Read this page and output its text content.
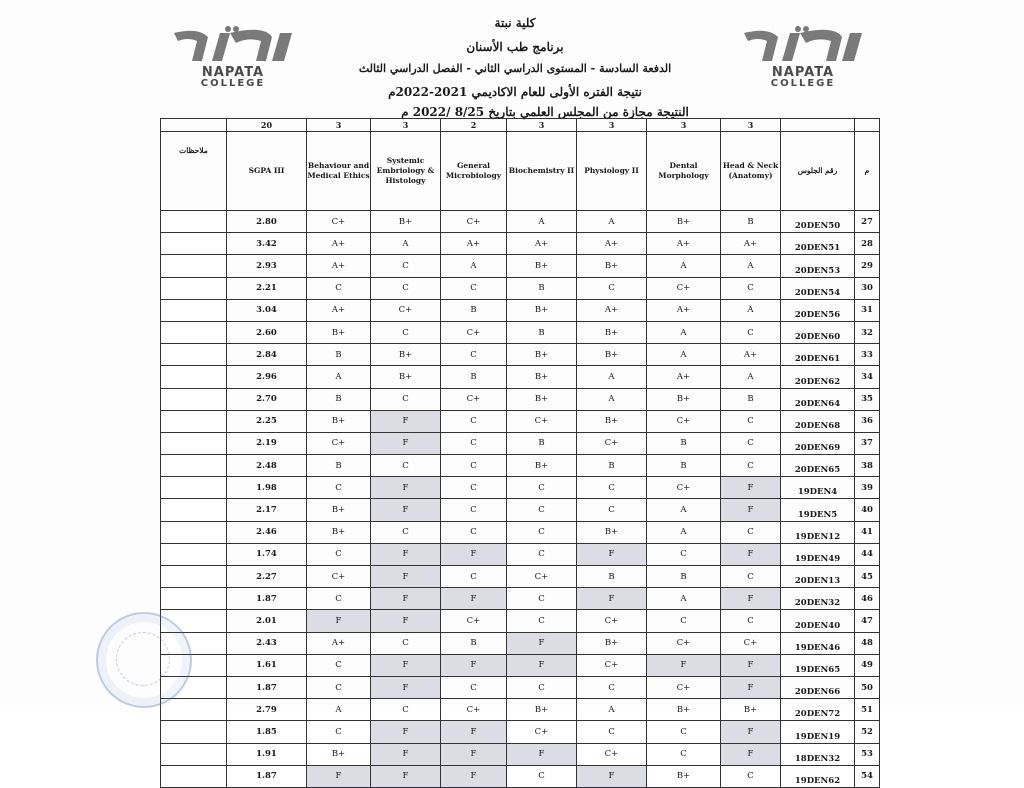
NAPATA
COLLEGE
NAPATA
COLLEGE
كلية نبتة
برنامج طب الأسنان
الدفعة السادسة - المستوى الدراسي الثاني - الفصل الدراسي الثالث
نتيجة الفتره الأولى للعام الاكاديمي 2021-2022م
النتيجة مجازة من المجلس العلمي بتاريخ 8/25 /2022 م
	20	3	3	2	3	3	3	3		
ملاحظات	SGPA III	Behaviour and Medical Ethics	Systemic Embriology & Histology	General Microbiology	Biochemistry II	Physiology II	Dental Morphology	Head & Neck (Anatomy)	رقم الجلوس	م
	2.80	C+	B+	C+	A	A	B+	B	20DEN50	27
	3.42	A+	A	A+	A+	A+	A+	A+	20DEN51	28
	2.93	A+	C	A	B+	B+	A	A	20DEN53	29
	2.21	C	C	C	B	C	C+	C	20DEN54	30
	3.04	A+	C+	B	B+	A+	A+	A	20DEN56	31
	2.60	B+	C	C+	B	B+	A	C	20DEN60	32
	2.84	B	B+	C	B+	B+	A	A+	20DEN61	33
	2.96	A	B+	B	B+	A	A+	A	20DEN62	34
	2.70	B	C	C+	B+	A	B+	B	20DEN64	35
	2.25	B+	F	C	C+	B+	C+	C	20DEN68	36
	2.19	C+	F	C	B	C+	B	C	20DEN69	37
	2.48	B	C	C	B+	B	B	C	20DEN65	38
	1.98	C	F	C	C	C	C+	F	19DEN4	39
	2.17	B+	F	C	C	C	A	F	19DEN5	40
	2.46	B+	C	C	C	B+	A	C	19DEN12	41
	1.74	C	F	F	C	F	C	F	19DEN49	44
	2.27	C+	F	C	C+	B	B	C	20DEN13	45
	1.87	C	F	F	C	F	A	F	20DEN32	46
	2.01	F	F	C+	C	C+	C	C	20DEN40	47
	2.43	A+	C	B	F	B+	C+	C+	19DEN46	48
	1.61	C	F	F	F	C+	F	F	19DEN65	49
	1.87	C	F	C	C	C	C+	F	20DEN66	50
	2.79	A	C	C+	B+	A	B+	B+	20DEN72	51
	1.85	C	F	F	C+	C	C	F	19DEN19	52
	1.91	B+	F	F	F	C+	C	F	18DEN32	53
	1.87	F	F	F	C	F	B+	C	19DEN62	54
